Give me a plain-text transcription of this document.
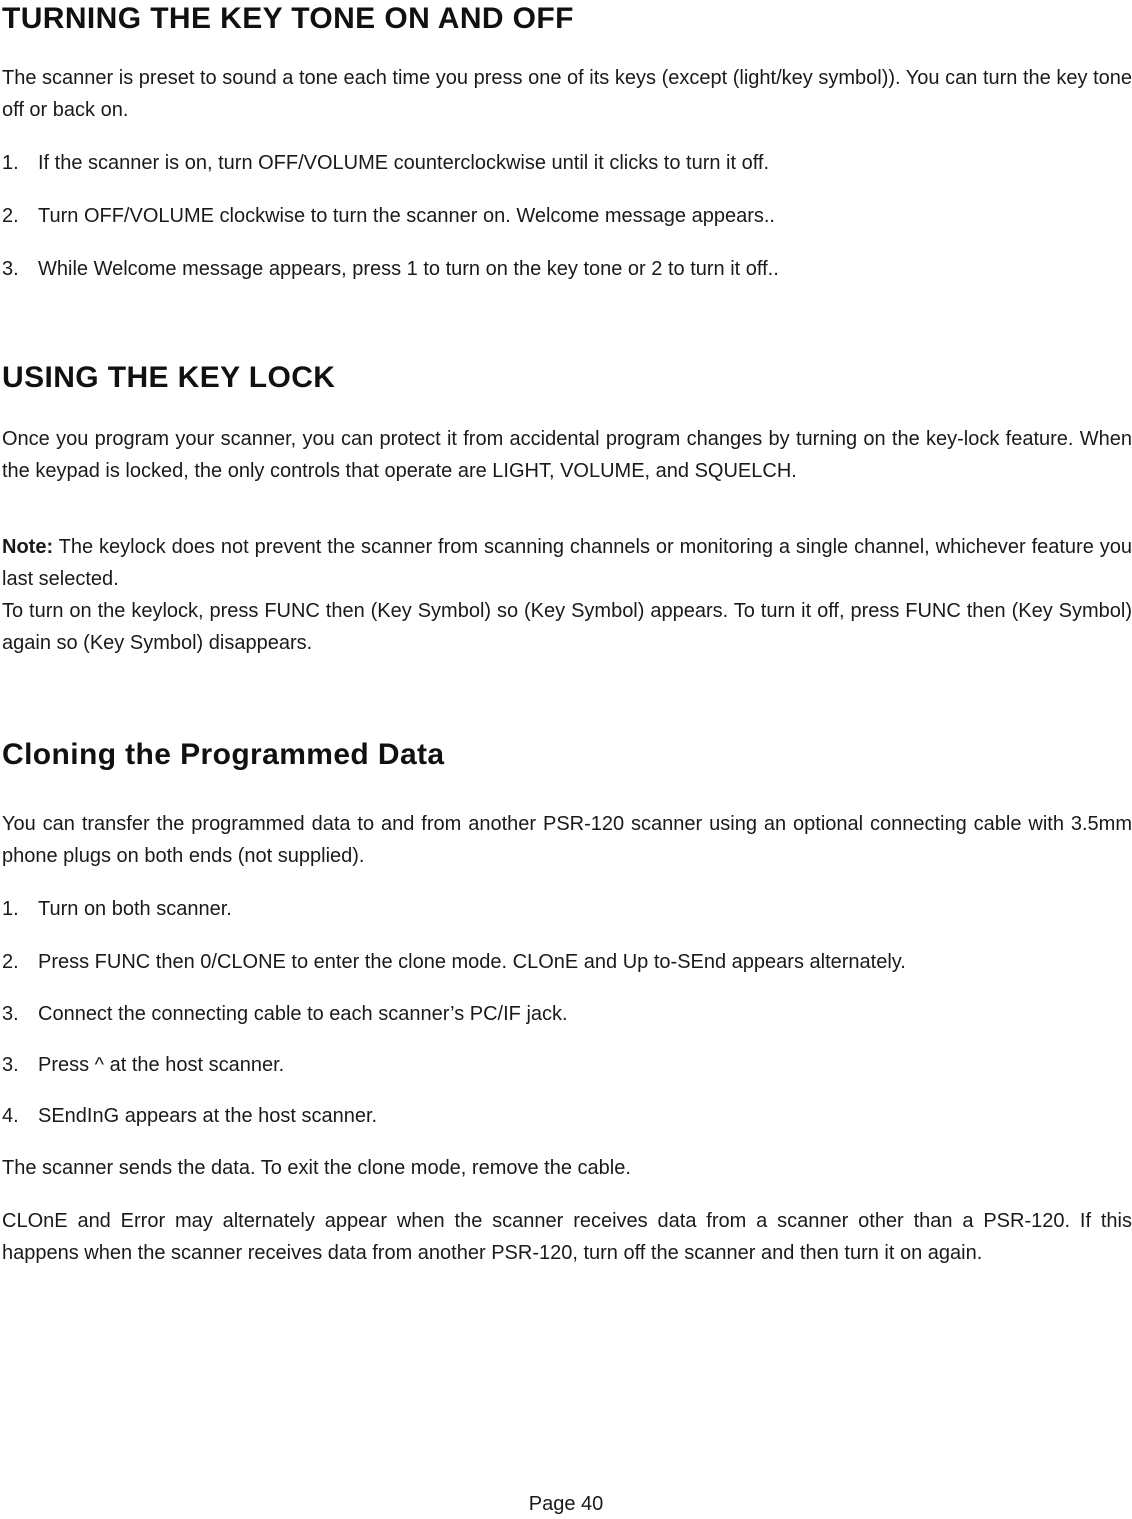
TURNING THE KEY TONE ON AND OFF

The scanner is preset to sound a tone each time you press one of its keys (except (light/key symbol)). You can turn the key tone off or back on.

1. If the scanner is on, turn OFF/VOLUME counterclockwise until it clicks to turn it off.

2. Turn OFF/VOLUME clockwise to turn the scanner on. Welcome message appears..

3. While Welcome message appears, press 1 to turn on the key tone or 2 to turn it off..

USING THE KEY LOCK

Once you program your scanner, you can protect it from accidental program changes by turning on the key-lock feature. When the keypad is locked, the only controls that operate are LIGHT, VOLUME, and SQUELCH.

Note: The keylock does not prevent the scanner from scanning channels or monitoring a single channel, whichever feature you last selected.

To turn on the keylock, press FUNC then (Key Symbol) so (Key Symbol) appears. To turn it off, press FUNC then (Key Symbol) again so (Key Symbol) disappears.

Cloning the Programmed Data

You can transfer the programmed data to and from another PSR-120 scanner using an optional connecting cable with 3.5mm phone plugs on both ends (not supplied).

1. Turn on both scanner.

2. Press FUNC then 0/CLONE to enter the clone mode. CLOnE and Up to-SEnd appears alternately.

3. Connect the connecting cable to each scanner’s PC/IF jack.

3. Press ^ at the host scanner.

4. SEndInG appears at the host scanner.

The scanner sends the data. To exit the clone mode, remove the cable.

CLOnE and Error may alternately appear when the scanner receives data from a scanner other than a PSR-120. If this happens when the scanner receives data from another PSR-120, turn off the scanner and then turn it on again.

Page 40
